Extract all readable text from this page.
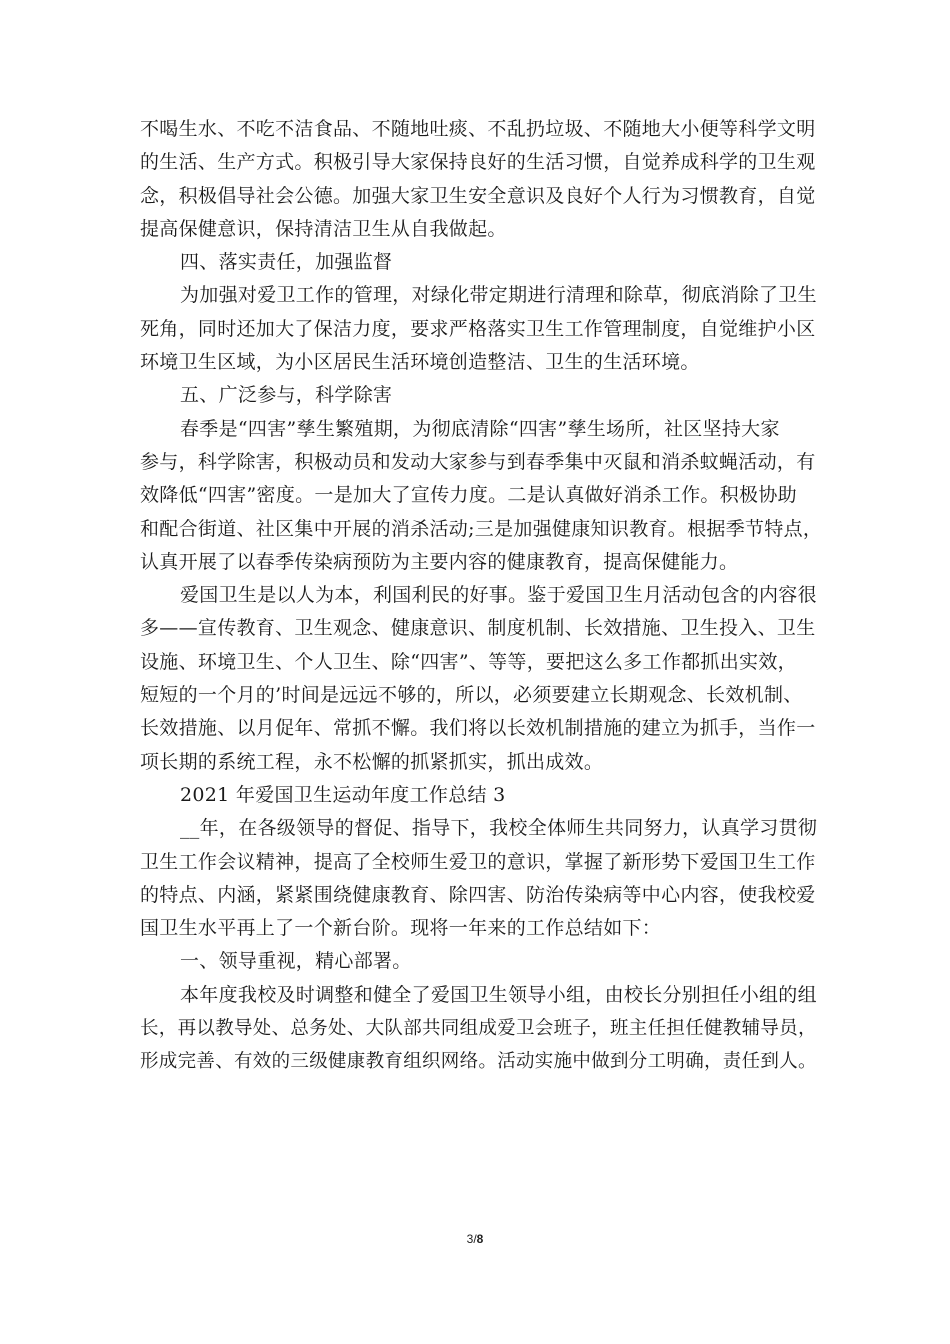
不喝生水、不吃不洁食品、不随地吐痰、不乱扔垃圾、不随地大小便等科学文明
的生活、生产方式。积极引导大家保持良好的生活习惯，自觉养成科学的卫生观
念，积极倡导社会公德。加强大家卫生安全意识及良好个人行为习惯教育，自觉
提高保健意识，保持清洁卫生从自我做起。
四、落实责任，加强监督
为加强对爱卫工作的管理，对绿化带定期进行清理和除草，彻底消除了卫生
死角，同时还加大了保洁力度，要求严格落实卫生工作管理制度，自觉维护小区
环境卫生区域，为小区居民生活环境创造整洁、卫生的生活环境。
五、广泛参与，科学除害
春季是“四害”孳生繁殖期，为彻底清除“四害”孳生场所，社区坚持大家
参与，科学除害，积极动员和发动大家参与到春季集中灭鼠和消杀蚊蝇活动，有
效降低“四害”密度。一是加大了宣传力度。二是认真做好消杀工作。积极协助
和配合街道、社区集中开展的消杀活动;三是加强健康知识教育。根据季节特点，
认真开展了以春季传染病预防为主要内容的健康教育，提高保健能力。
爱国卫生是以人为本，利国利民的好事。鉴于爱国卫生月活动包含的内容很
多——宣传教育、卫生观念、健康意识、制度机制、长效措施、卫生投入、卫生
设施、环境卫生、个人卫生、除“四害”、等等，要把这么多工作都抓出实效，
短短的一个月的’时间是远远不够的，所以，必须要建立长期观念、长效机制、
长效措施、以月促年、常抓不懈。我们将以长效机制措施的建立为抓手，当作一
项长期的系统工程，永不松懈的抓紧抓实，抓出成效。
2021 年爱国卫生运动年度工作总结 3
__年，在各级领导的督促、指导下，我校全体师生共同努力，认真学习贯彻
卫生工作会议精神，提高了全校师生爱卫的意识，掌握了新形势下爱国卫生工作
的特点、内涵，紧紧围绕健康教育、除四害、防治传染病等中心内容，使我校爱
国卫生水平再上了一个新台阶。现将一年来的工作总结如下：
一、领导重视，精心部署。
本年度我校及时调整和健全了爱国卫生领导小组，由校长分别担任小组的组
长，再以教导处、总务处、大队部共同组成爱卫会班子，班主任担任健教辅导员，
形成完善、有效的三级健康教育组织网络。活动实施中做到分工明确，责任到人。
3/8
